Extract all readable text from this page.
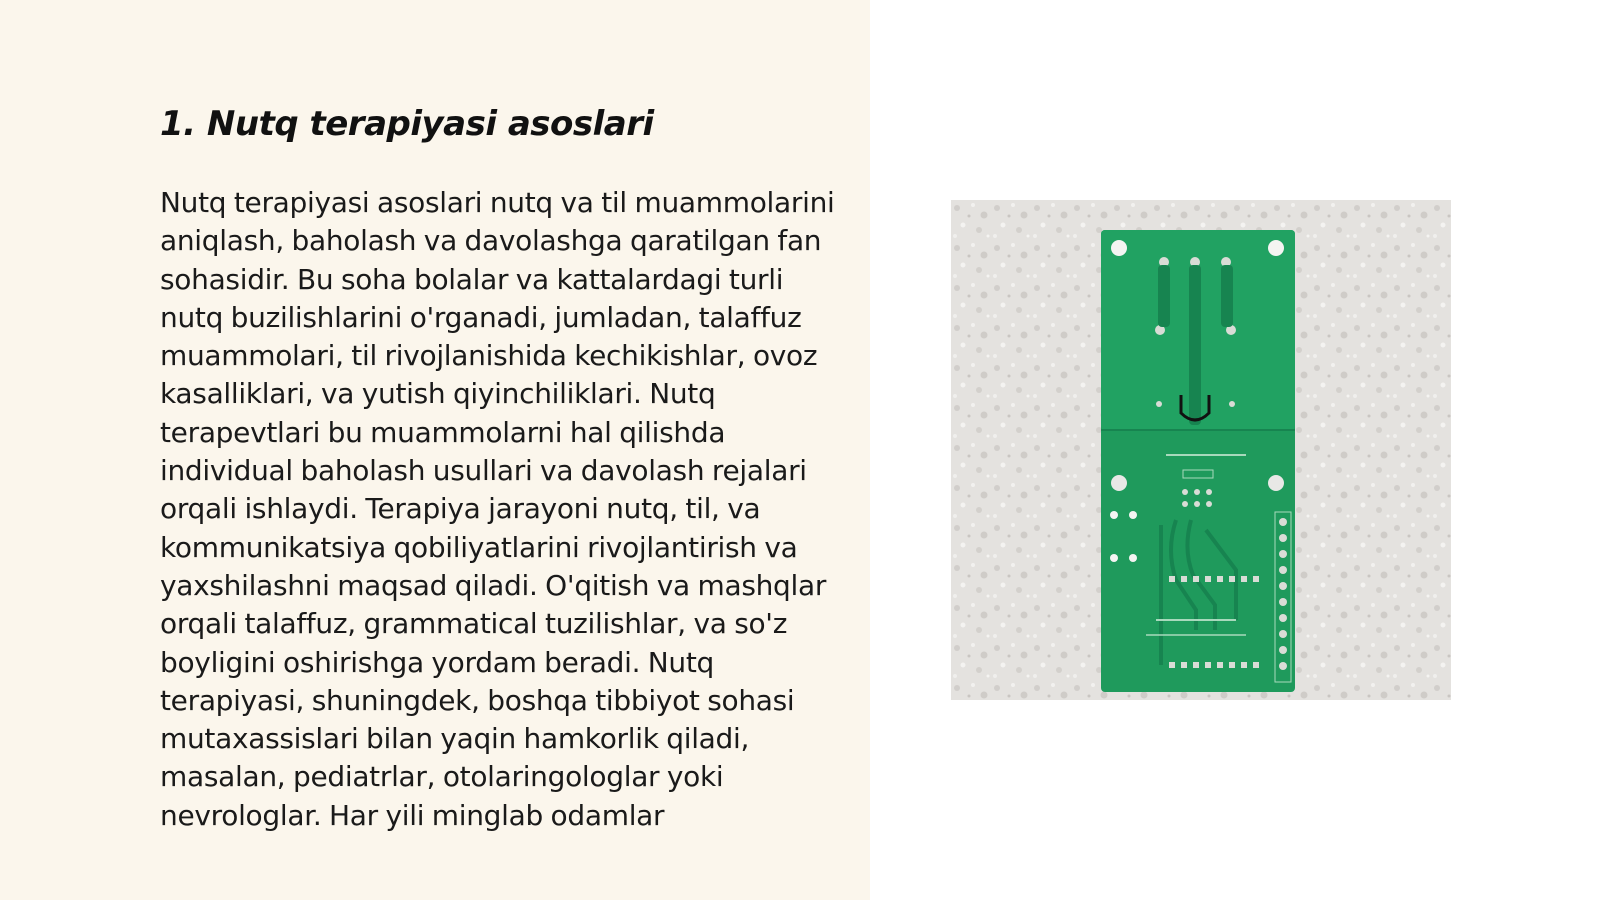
1. Nutq terapiyasi asoslari

Nutq terapiyasi asoslari nutq va til muammolarini aniqlash, baholash va davolashga qaratilgan fan sohasidir. Bu soha bolalar va kattalardagi turli nutq buzilishlarini o'rganadi, jumladan, talaffuz muammolari, til rivojlanishida kechikishlar, ovoz kasalliklari, va yutish qiyinchiliklari. Nutq terapevtlari bu muammolarni hal qilishda individual baholash usullari va davolash rejalari orqali ishlaydi. Terapiya jarayoni nutq, til, va kommunikatsiya qobiliyatlarini rivojlantirish va yaxshilashni maqsad qiladi. O'qitish va mashqlar orqali talaffuz, grammatical tuzilishlar, va so'z boyligini oshirishga yordam beradi. Nutq terapiyasi, shuningdek, boshqa tibbiyot sohasi mutaxassislari bilan yaqin hamkorlik qiladi, masalan, pediatrlar, otolaringologlar yoki nevrologlar. Har yili minglab odamlar
